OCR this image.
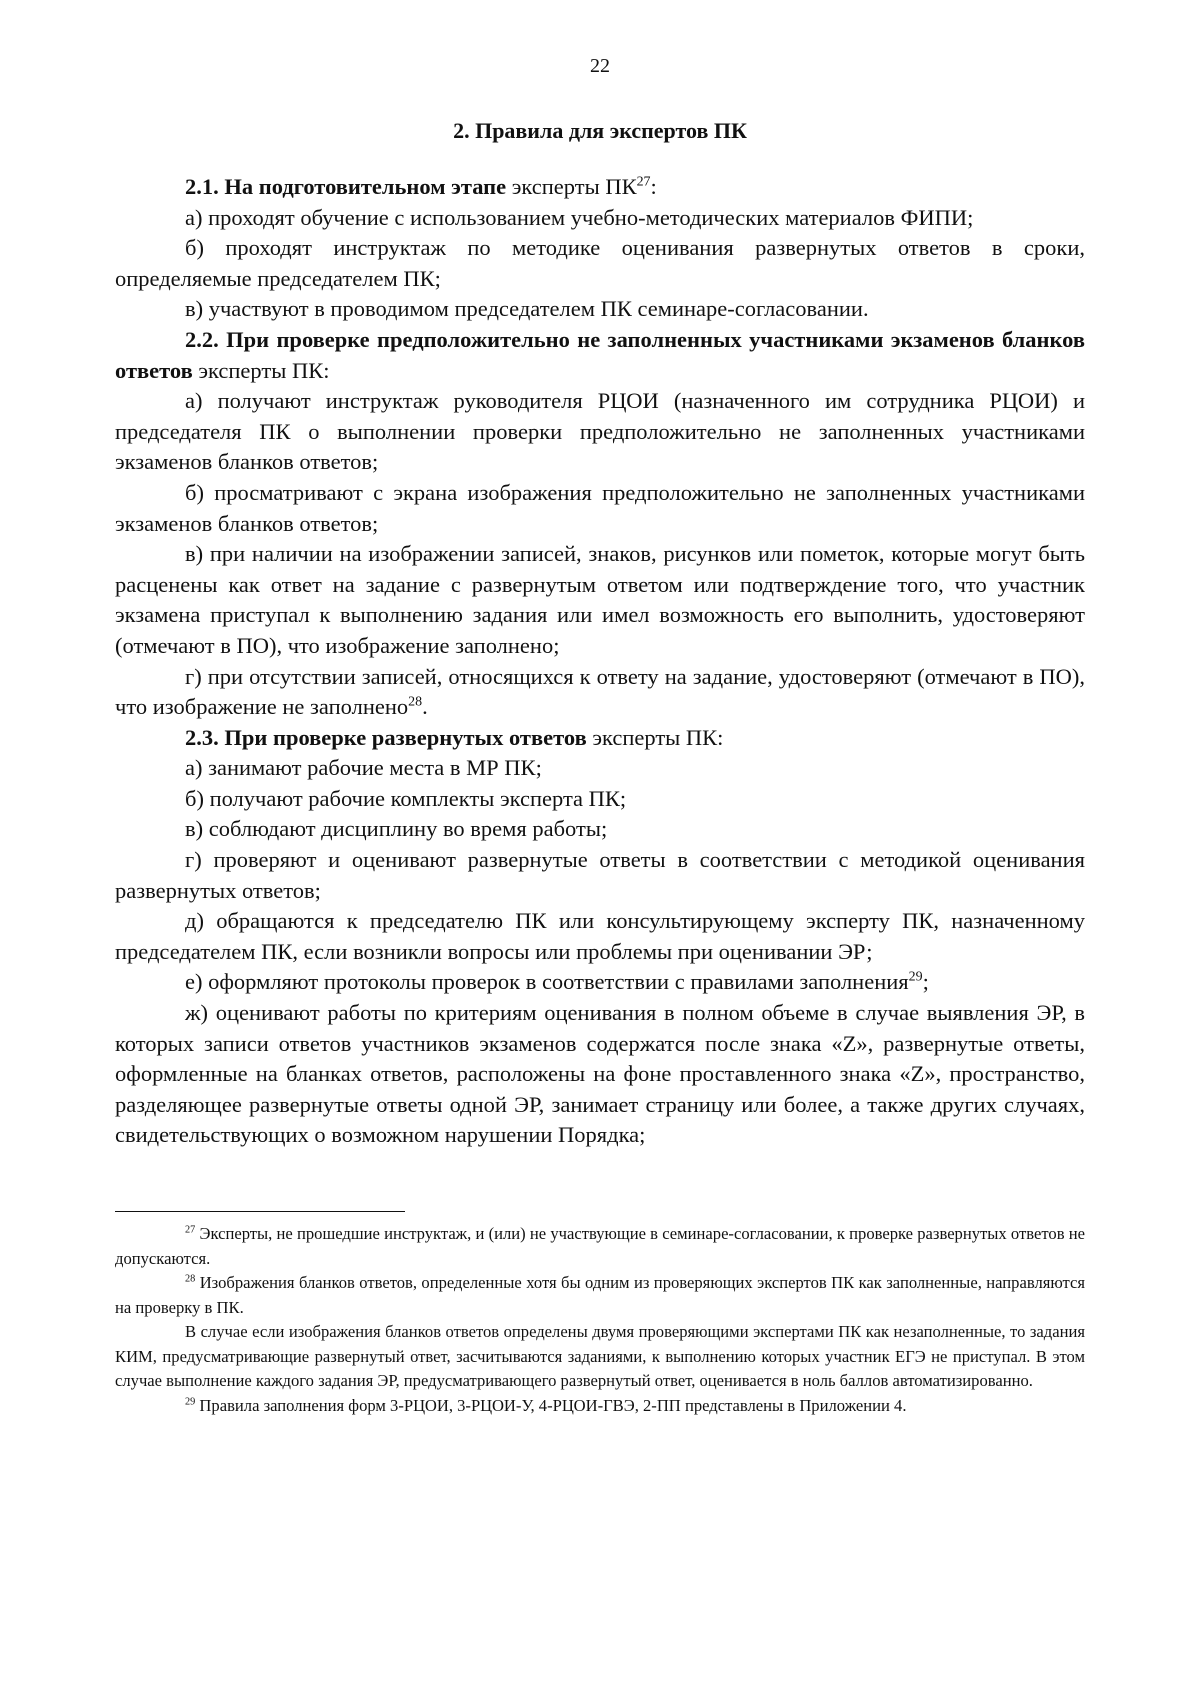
22
2. Правила для экспертов ПК

2.1. На подготовительном этапе эксперты ПК$^{27}$:

а) проходят обучение с использованием учебно-методических материалов ФИПИ;

б) проходят инструктаж по методике оценивания развернутых ответов в сроки, определяемые председателем ПК;

в) участвуют в проводимом председателем ПК семинаре-согласовании.

2.2. При проверке предположительно не заполненных участниками экзаменов бланков ответов эксперты ПК:

а) получают инструктаж руководителя РЦОИ (назначенного им сотрудника РЦОИ) и председателя ПК о выполнении проверки предположительно не заполненных участниками экзаменов бланков ответов;

б) просматривают с экрана изображения предположительно не заполненных участниками экзаменов бланков ответов;

в) при наличии на изображении записей, знаков, рисунков или пометок, которые могут быть расценены как ответ на задание с развернутым ответом или подтверждение того, что участник экзамена приступал к выполнению задания или имел возможность его выполнить, удостоверяют (отмечают в ПО), что изображение заполнено;

г) при отсутствии записей, относящихся к ответу на задание, удостоверяют (отмечают в ПО), что изображение не заполнено$^{28}$.

2.3. При проверке развернутых ответов эксперты ПК:

а) занимают рабочие места в МР ПК;

б) получают рабочие комплекты эксперта ПК;

в) соблюдают дисциплину во время работы;

г) проверяют и оценивают развернутые ответы в соответствии с методикой оценивания развернутых ответов;

д) обращаются к председателю ПК или консультирующему эксперту ПК, назначенному председателем ПК, если возникли вопросы или проблемы при оценивании ЭР;

е) оформляют протоколы проверок в соответствии с правилами заполнения$^{29}$;

ж) оценивают работы по критериям оценивания в полном объеме в случае выявления ЭР, в которых записи ответов участников экзаменов содержатся после знака «Z», развернутые ответы, оформленные на бланках ответов, расположены на фоне проставленного знака «Z», пространство, разделяющее развернутые ответы одной ЭР, занимает страницу или более, а также других случаях, свидетельствующих о возможном нарушении Порядка;

$^{27}$ Эксперты, не прошедшие инструктаж, и (или) не участвующие в семинаре-согласовании, к проверке развернутых ответов не допускаются.

$^{28}$ Изображения бланков ответов, определенные хотя бы одним из проверяющих экспертов ПК как заполненные, направляются на проверку в ПК.

В случае если изображения бланков ответов определены двумя проверяющими экспертами ПК как незаполненные, то задания КИМ, предусматривающие развернутый ответ, засчитываются заданиями, к выполнению которых участник ЕГЭ не приступал. В этом случае выполнение каждого задания ЭР, предусматривающего развернутый ответ, оценивается в ноль баллов автоматизированно.

$^{29}$ Правила заполнения форм 3-РЦОИ, 3-РЦОИ-У, 4-РЦОИ-ГВЭ, 2-ПП представлены в Приложении 4.
